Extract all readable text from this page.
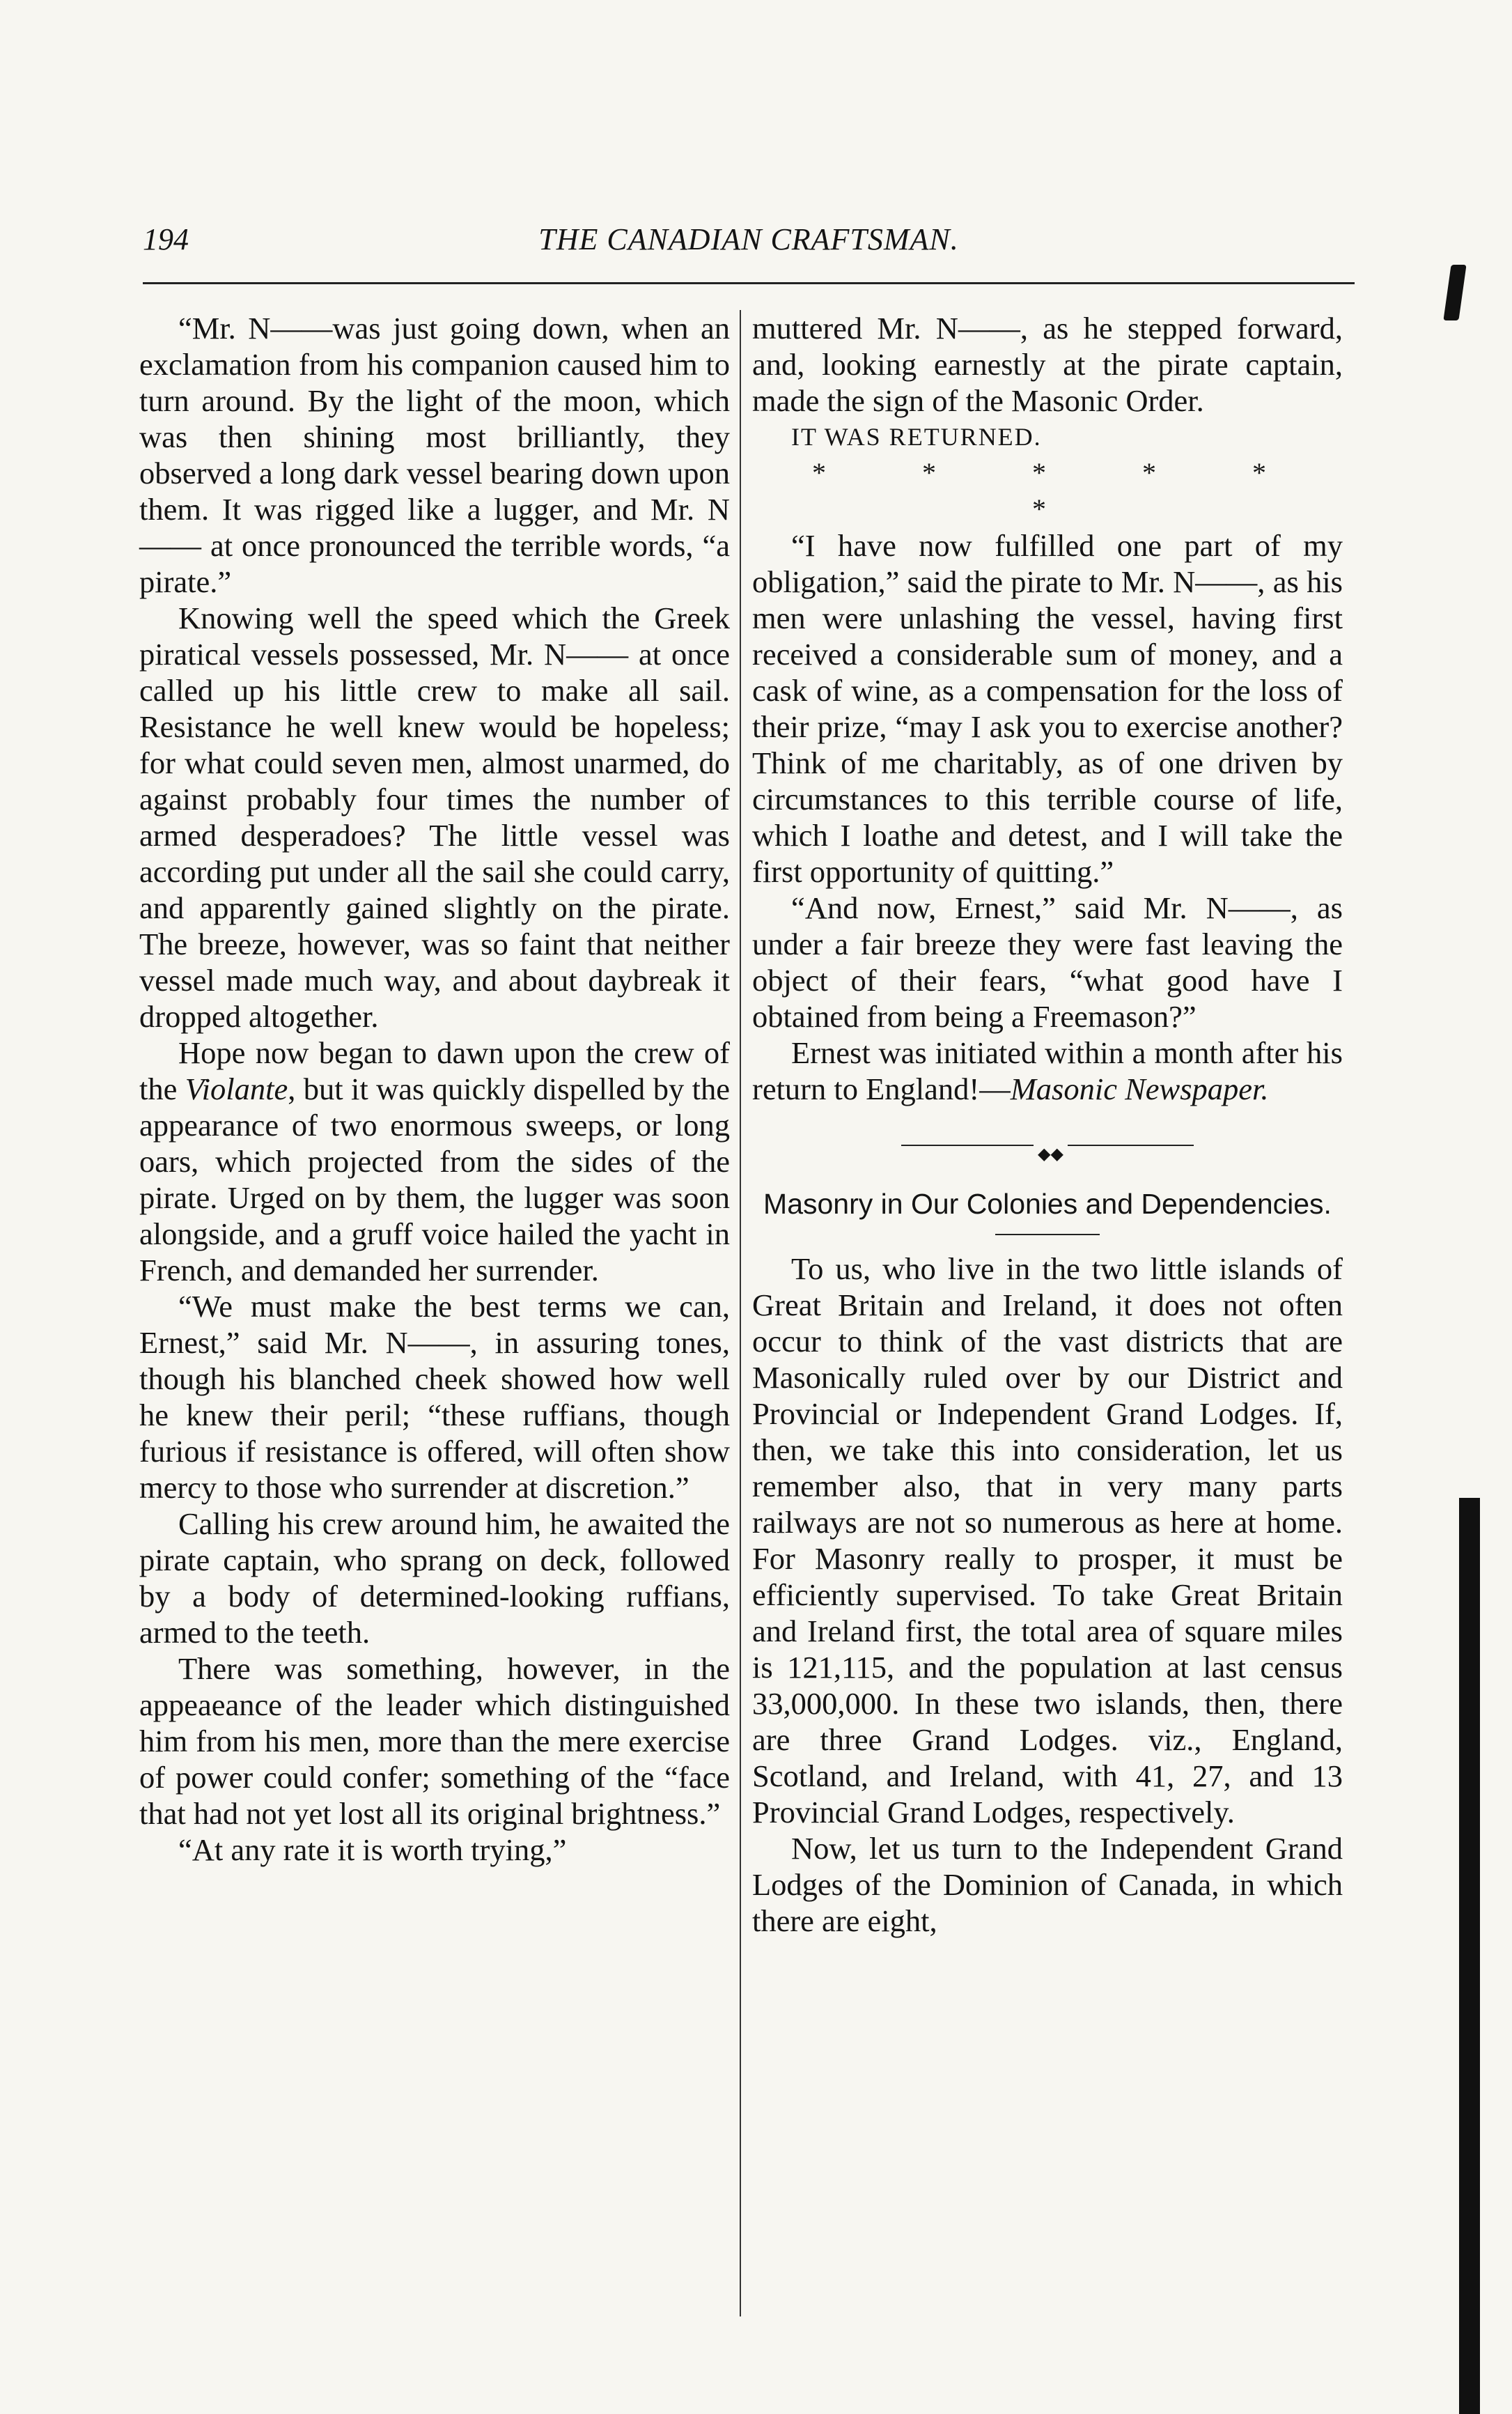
194	THE CANADIAN CRAFTSMAN.

“Mr. N——was just going down, when an exclamation from his companion caused him to turn around. By the light of the moon, which was then shining most brilliantly, they observed a long dark vessel bearing down upon them. It was rigged like a lugger, and Mr. N—— at once pronounced the terrible words, “a pirate.”

Knowing well the speed which the Greek piratical vessels possessed, Mr. N—— at once called up his little crew to make all sail. Resistance he well knew would be hopeless; for what could seven men, almost unarmed, do against probably four times the number of armed desperadoes? The little vessel was according put under all the sail she could carry, and apparently gained slightly on the pirate. The breeze, however, was so faint that neither vessel made much way, and about daybreak it dropped altogether.

Hope now began to dawn upon the crew of the Violante, but it was quickly dispelled by the appearance of two enormous sweeps, or long oars, which projected from the sides of the pirate. Urged on by them, the lugger was soon alongside, and a gruff voice hailed the yacht in French, and demanded her surrender.

“We must make the best terms we can, Ernest,” said Mr. N——, in assuring tones, though his blanched cheek showed how well he knew their peril; “these ruffians, though furious if resistance is offered, will often show mercy to those who surrender at discretion.”

Calling his crew around him, he awaited the pirate captain, who sprang on deck, followed by a body of determined-looking ruffians, armed to the teeth.

There was something, however, in the appeaeance of the leader which distinguished him from his men, more than the mere exercise of power could confer; something of the “face that had not yet lost all its original brightness.”

“At any rate it is worth trying,”

muttered Mr. N——, as he stepped forward, and, looking earnestly at the pirate captain, made the sign of the Masonic Order.

IT WAS RETURNED.
* * * * * *

“I have now fulfilled one part of my obligation,” said the pirate to Mr. N——, as his men were unlashing the vessel, having first received a considerable sum of money, and a cask of wine, as a compensation for the loss of their prize, “may I ask you to exercise another? Think of me charitably, as of one driven by circumstances to this terrible course of life, which I loathe and detest, and I will take the first opportunity of quitting.”

“And now, Ernest,” said Mr. N——, as under a fair breeze they were fast leaving the object of their fears, “what good have I obtained from being a Freemason?”

Ernest was initiated within a month after his return to England!—Masonic Newspaper.

◆◆
Masonry in Our Colonies and Dependencies.

To us, who live in the two little islands of Great Britain and Ireland, it does not often occur to think of the vast districts that are Masonically ruled over by our District and Provincial or Independent Grand Lodges. If, then, we take this into consideration, let us remember also, that in very many parts railways are not so numerous as here at home. For Masonry really to prosper, it must be efficiently supervised. To take Great Britain and Ireland first, the total area of square miles is 121,115, and the population at last census 33,000,000. In these two islands, then, there are three Grand Lodges. viz., England, Scotland, and Ireland, with 41, 27, and 13 Provincial Grand Lodges, respectively.

Now, let us turn to the Independent Grand Lodges of the Dominion of Canada, in which there are eight,
